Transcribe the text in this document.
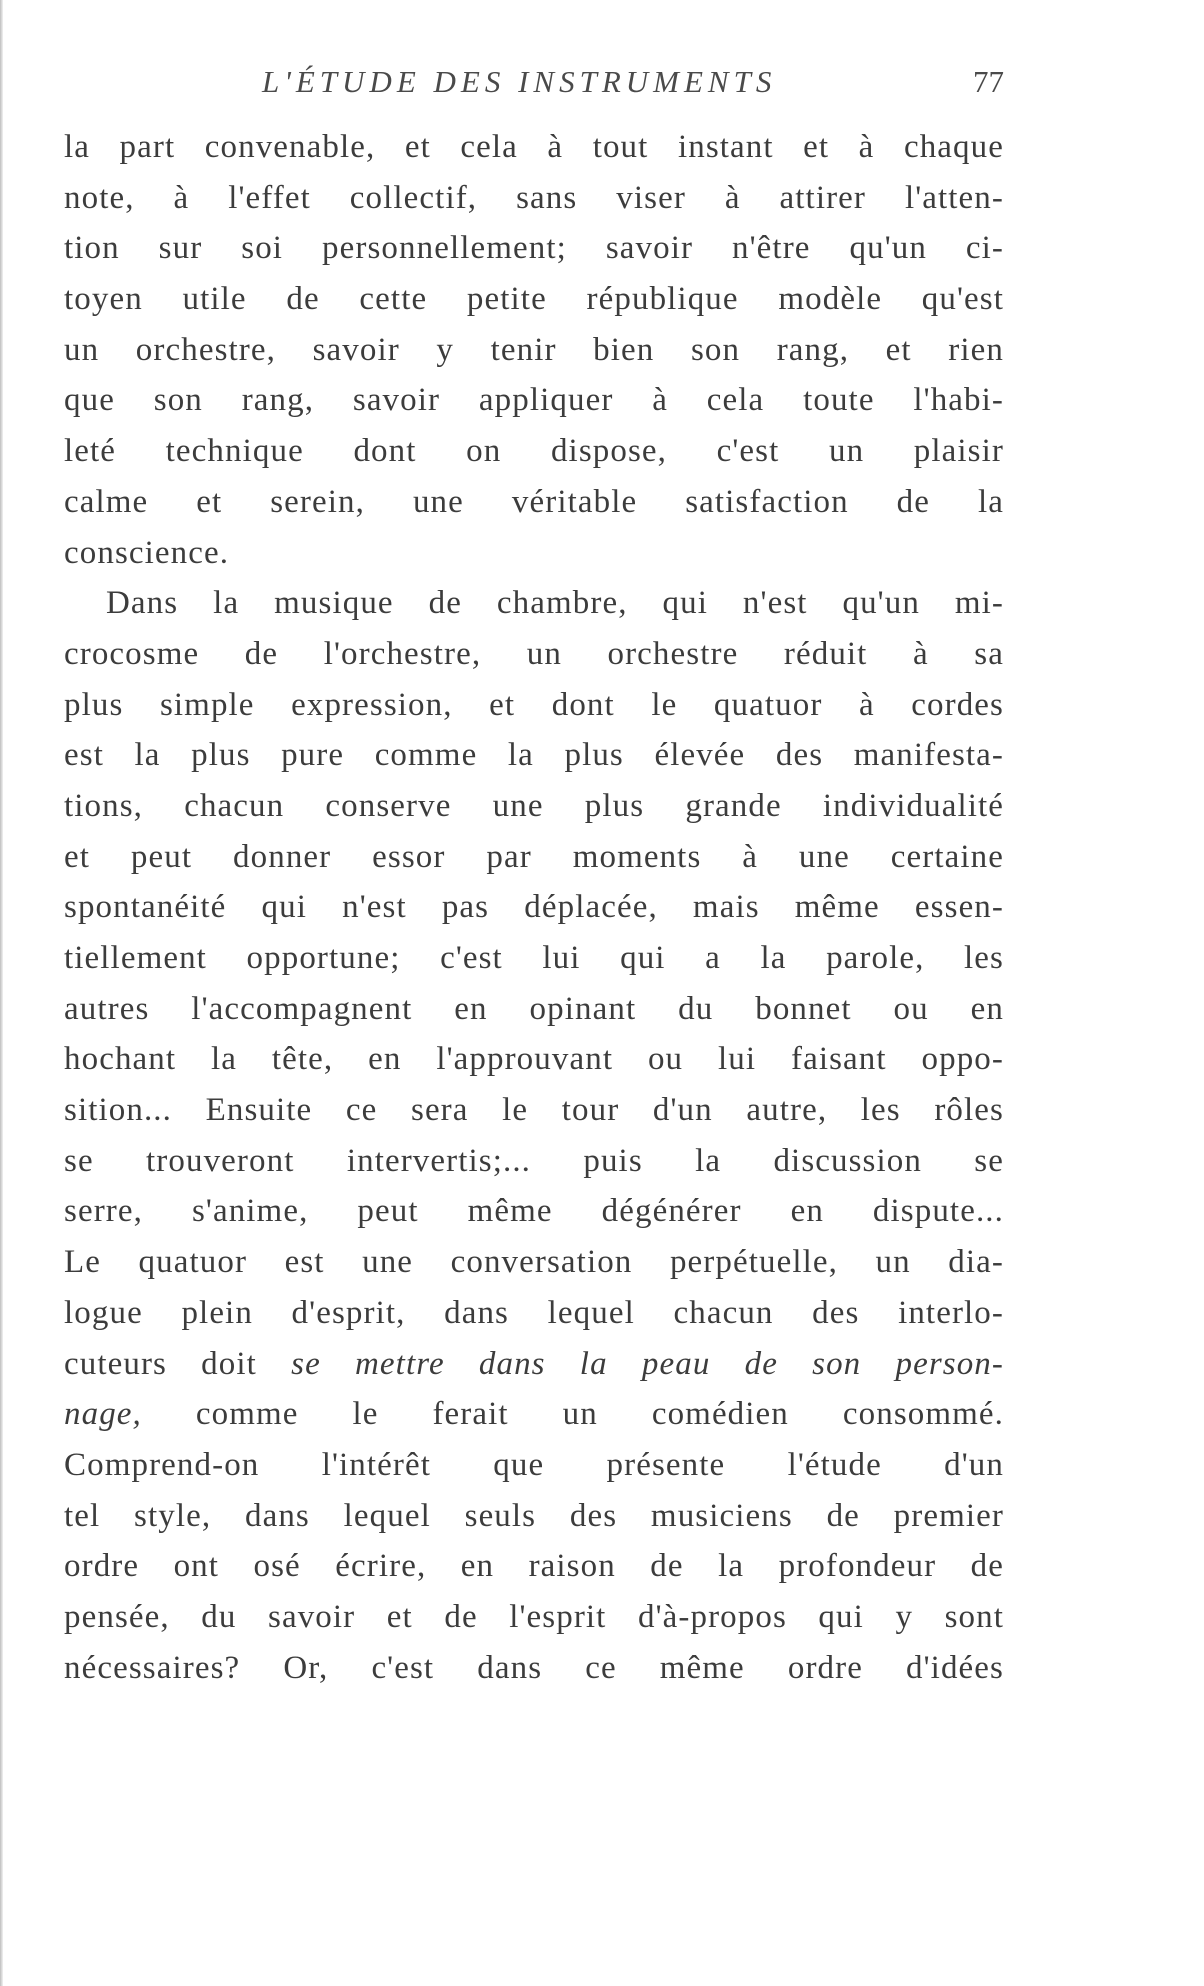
L'ÉTUDE DES INSTRUMENTS	77
la part convenable, et cela à tout instant et à chaque
note, à l'effet collectif, sans viser à attirer l'atten-
tion sur soi personnellement; savoir n'être qu'un ci-
toyen utile de cette petite république modèle qu'est
un orchestre, savoir y tenir bien son rang, et rien
que son rang, savoir appliquer à cela toute l'habi-
leté technique dont on dispose, c'est un plaisir
calme et serein, une véritable satisfaction de la
conscience.
Dans la musique de chambre, qui n'est qu'un mi-
crocosme de l'orchestre, un orchestre réduit à sa
plus simple expression, et dont le quatuor à cordes
est la plus pure comme la plus élevée des manifesta-
tions, chacun conserve une plus grande individualité
et peut donner essor par moments à une certaine
spontanéité qui n'est pas déplacée, mais même essen-
tiellement opportune; c'est lui qui a la parole, les
autres l'accompagnent en opinant du bonnet ou en
hochant la tête, en l'approuvant ou lui faisant oppo-
sition... Ensuite ce sera le tour d'un autre, les rôles
se trouveront intervertis;... puis la discussion se
serre, s'anime, peut même dégénérer en dispute...
Le quatuor est une conversation perpétuelle, un dia-
logue plein d'esprit, dans lequel chacun des interlo-
cuteurs doit se mettre dans la peau de son person-
nage, comme le ferait un comédien consommé.
Comprend-on l'intérêt que présente l'étude d'un
tel style, dans lequel seuls des musiciens de premier
ordre ont osé écrire, en raison de la profondeur de
pensée, du savoir et de l'esprit d'à-propos qui y sont
nécessaires? Or, c'est dans ce même ordre d'idées
